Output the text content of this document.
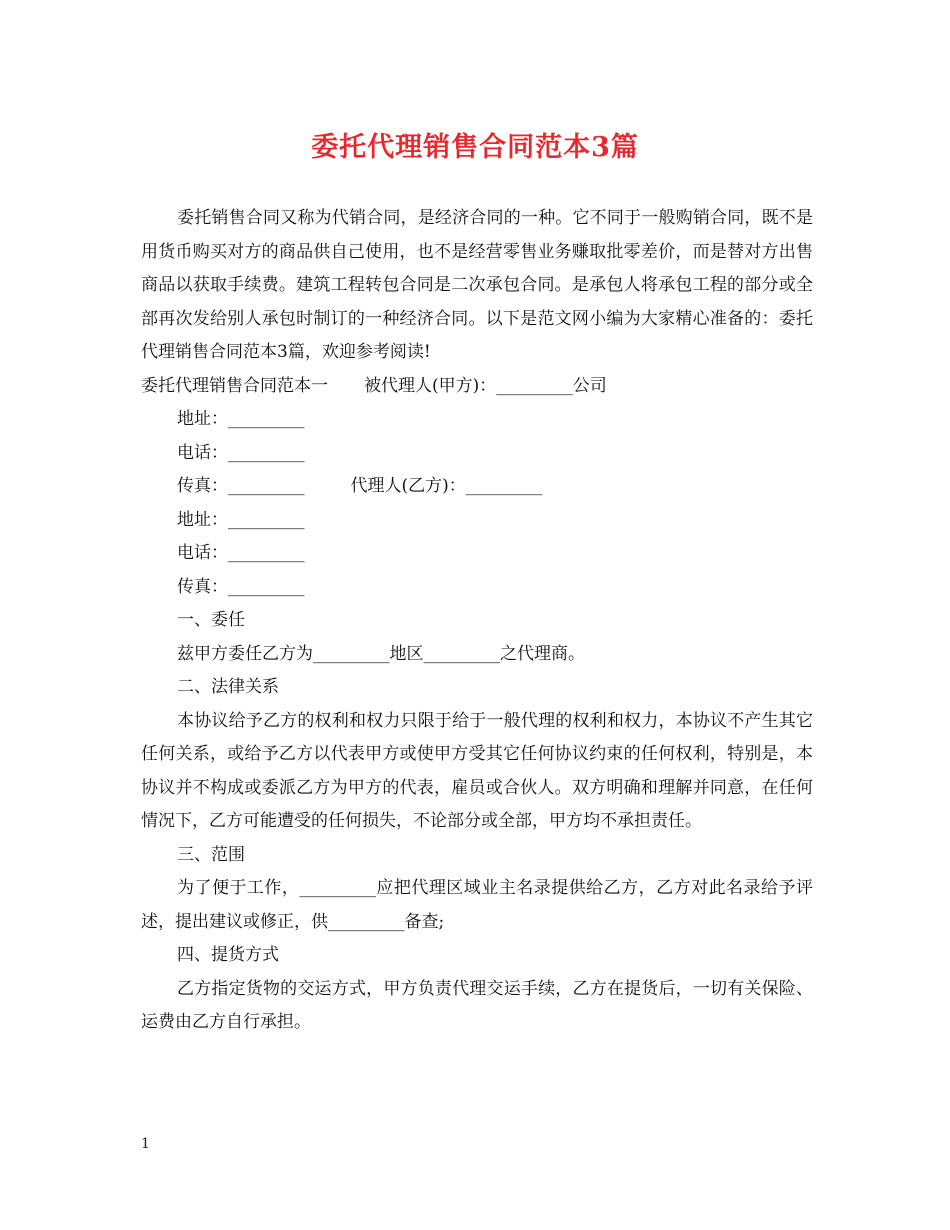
委托代理销售合同范本3篇

委托销售合同又称为代销合同，是经济合同的一种。它不同于一般购销合同，既不是用货币购买对方的商品供自己使用，也不是经营零售业务赚取批零差价，而是替对方出售商品以获取手续费。建筑工程转包合同是二次承包合同。是承包人将承包工程的部分或全部再次发给别人承包时制订的一种经济合同。以下是范文网小编为大家精心准备的：委托代理销售合同范本3篇，欢迎参考阅读!

委托代理销售合同范本一 被代理人(甲方)：_________公司

地址：_________

电话：_________

传真：_________	代理人(乙方)：_________

地址：_________

电话：_________

传真：_________

一、委任

兹甲方委任乙方为_________地区_________之代理商。

二、法律关系

本协议给予乙方的权利和权力只限于给于一般代理的权利和权力，本协议不产生其它任何关系，或给予乙方以代表甲方或使甲方受其它任何协议约束的任何权利，特别是，本协议并不构成或委派乙方为甲方的代表，雇员或合伙人。双方明确和理解并同意，在任何情况下，乙方可能遭受的任何损失，不论部分或全部，甲方均不承担责任。

三、范围

为了便于工作，_________应把代理区域业主名录提供给乙方，乙方对此名录给予评述，提出建议或修正，供_________备查;

四、提货方式

乙方指定货物的交运方式，甲方负责代理交运手续，乙方在提货后，一切有关保险、运费由乙方自行承担。

1
